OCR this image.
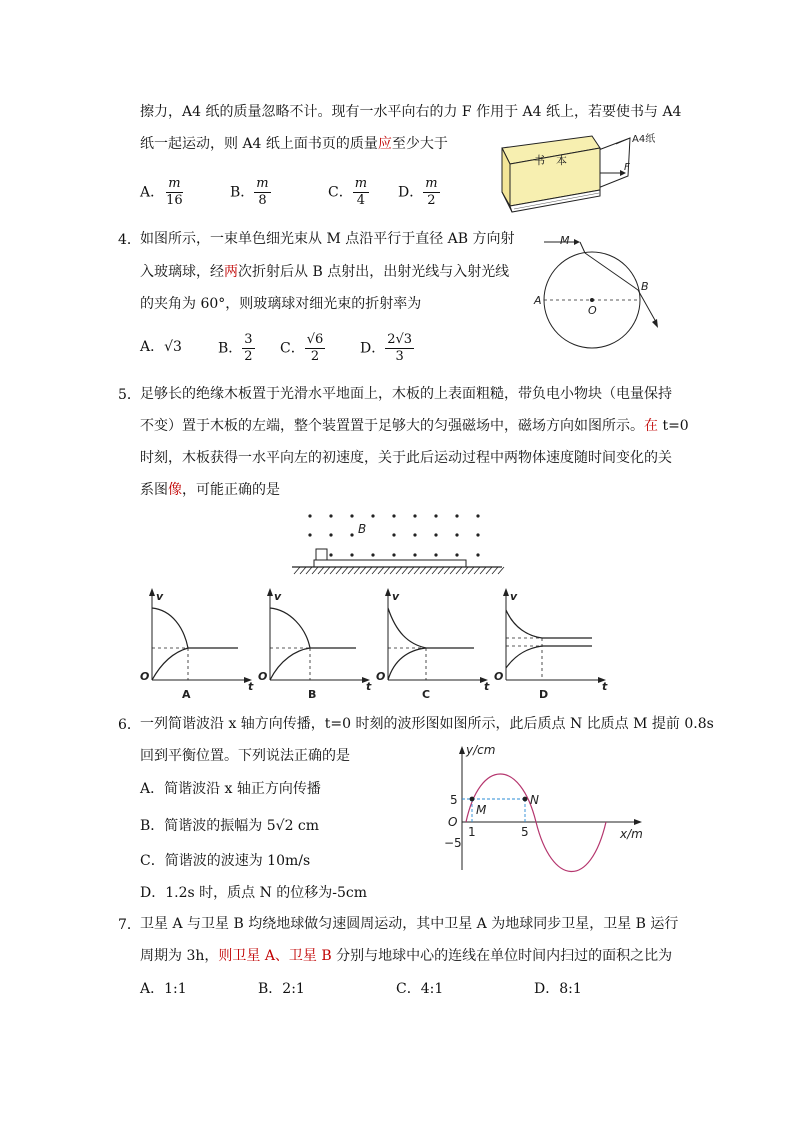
擦力，A4 纸的质量忽略不计。现有一水平向右的力 F 作用于 A4 纸上，若要使书与 A4
纸一起运动，则 A4 纸上面书页的质量应至少大于
A． $\frac{m}{16}$	B． $\frac{m}{8}$	C． $\frac{m}{4}$ D． $\frac{m}{2}$
书　本
A4纸
F
4． 如图所示，一束单色细光束从 M 点沿平行于直径 AB 方向射
入玻璃球，经两次折射后从 B 点射出，出射光线与入射光线
的夹角为 60°，则玻璃球对细光束的折射率为
A．√3	B． $\frac{3}{2}$ C． $\frac{√6}{2}$ D． $\frac{2√3}{3}$
M
A
O
B
5． 足够长的绝缘木板置于光滑水平地面上，木板的上表面粗糙，带负电小物块（电量保持
不变）置于木板的左端，整个装置置于足够大的匀强磁场中，磁场方向如图所示。在 t=0
时刻，木板获得一水平向左的初速度，关于此后运动过程中两物体速度随时间变化的关
系图像，可能正确的是
B
v
t
O
A
v
t
O
B
v
t
O
C
v
t
O
D
6． 一列简谐波沿 x 轴方向传播，t=0 时刻的波形图如图所示，此后质点 N 比质点 M 提前 0.8s
回到平衡位置。下列说法正确的是
A．简谐波沿 x 轴正方向传播
B．简谐波的振幅为 5√2 cm
C．简谐波的波速为 10m/s
D．1.2s 时，质点 N 的位移为-5cm
y/cm
x/m
5
−5
O
1	5
M
N
7． 卫星 A 与卫星 B 均绕地球做匀速圆周运动，其中卫星 A 为地球同步卫星，卫星 B 运行
周期为 3h，则卫星 A、卫星 B 分别与地球中心的连线在单位时间内扫过的面积之比为
A．1:1	B．2:1	C．4:1	D．8:1
